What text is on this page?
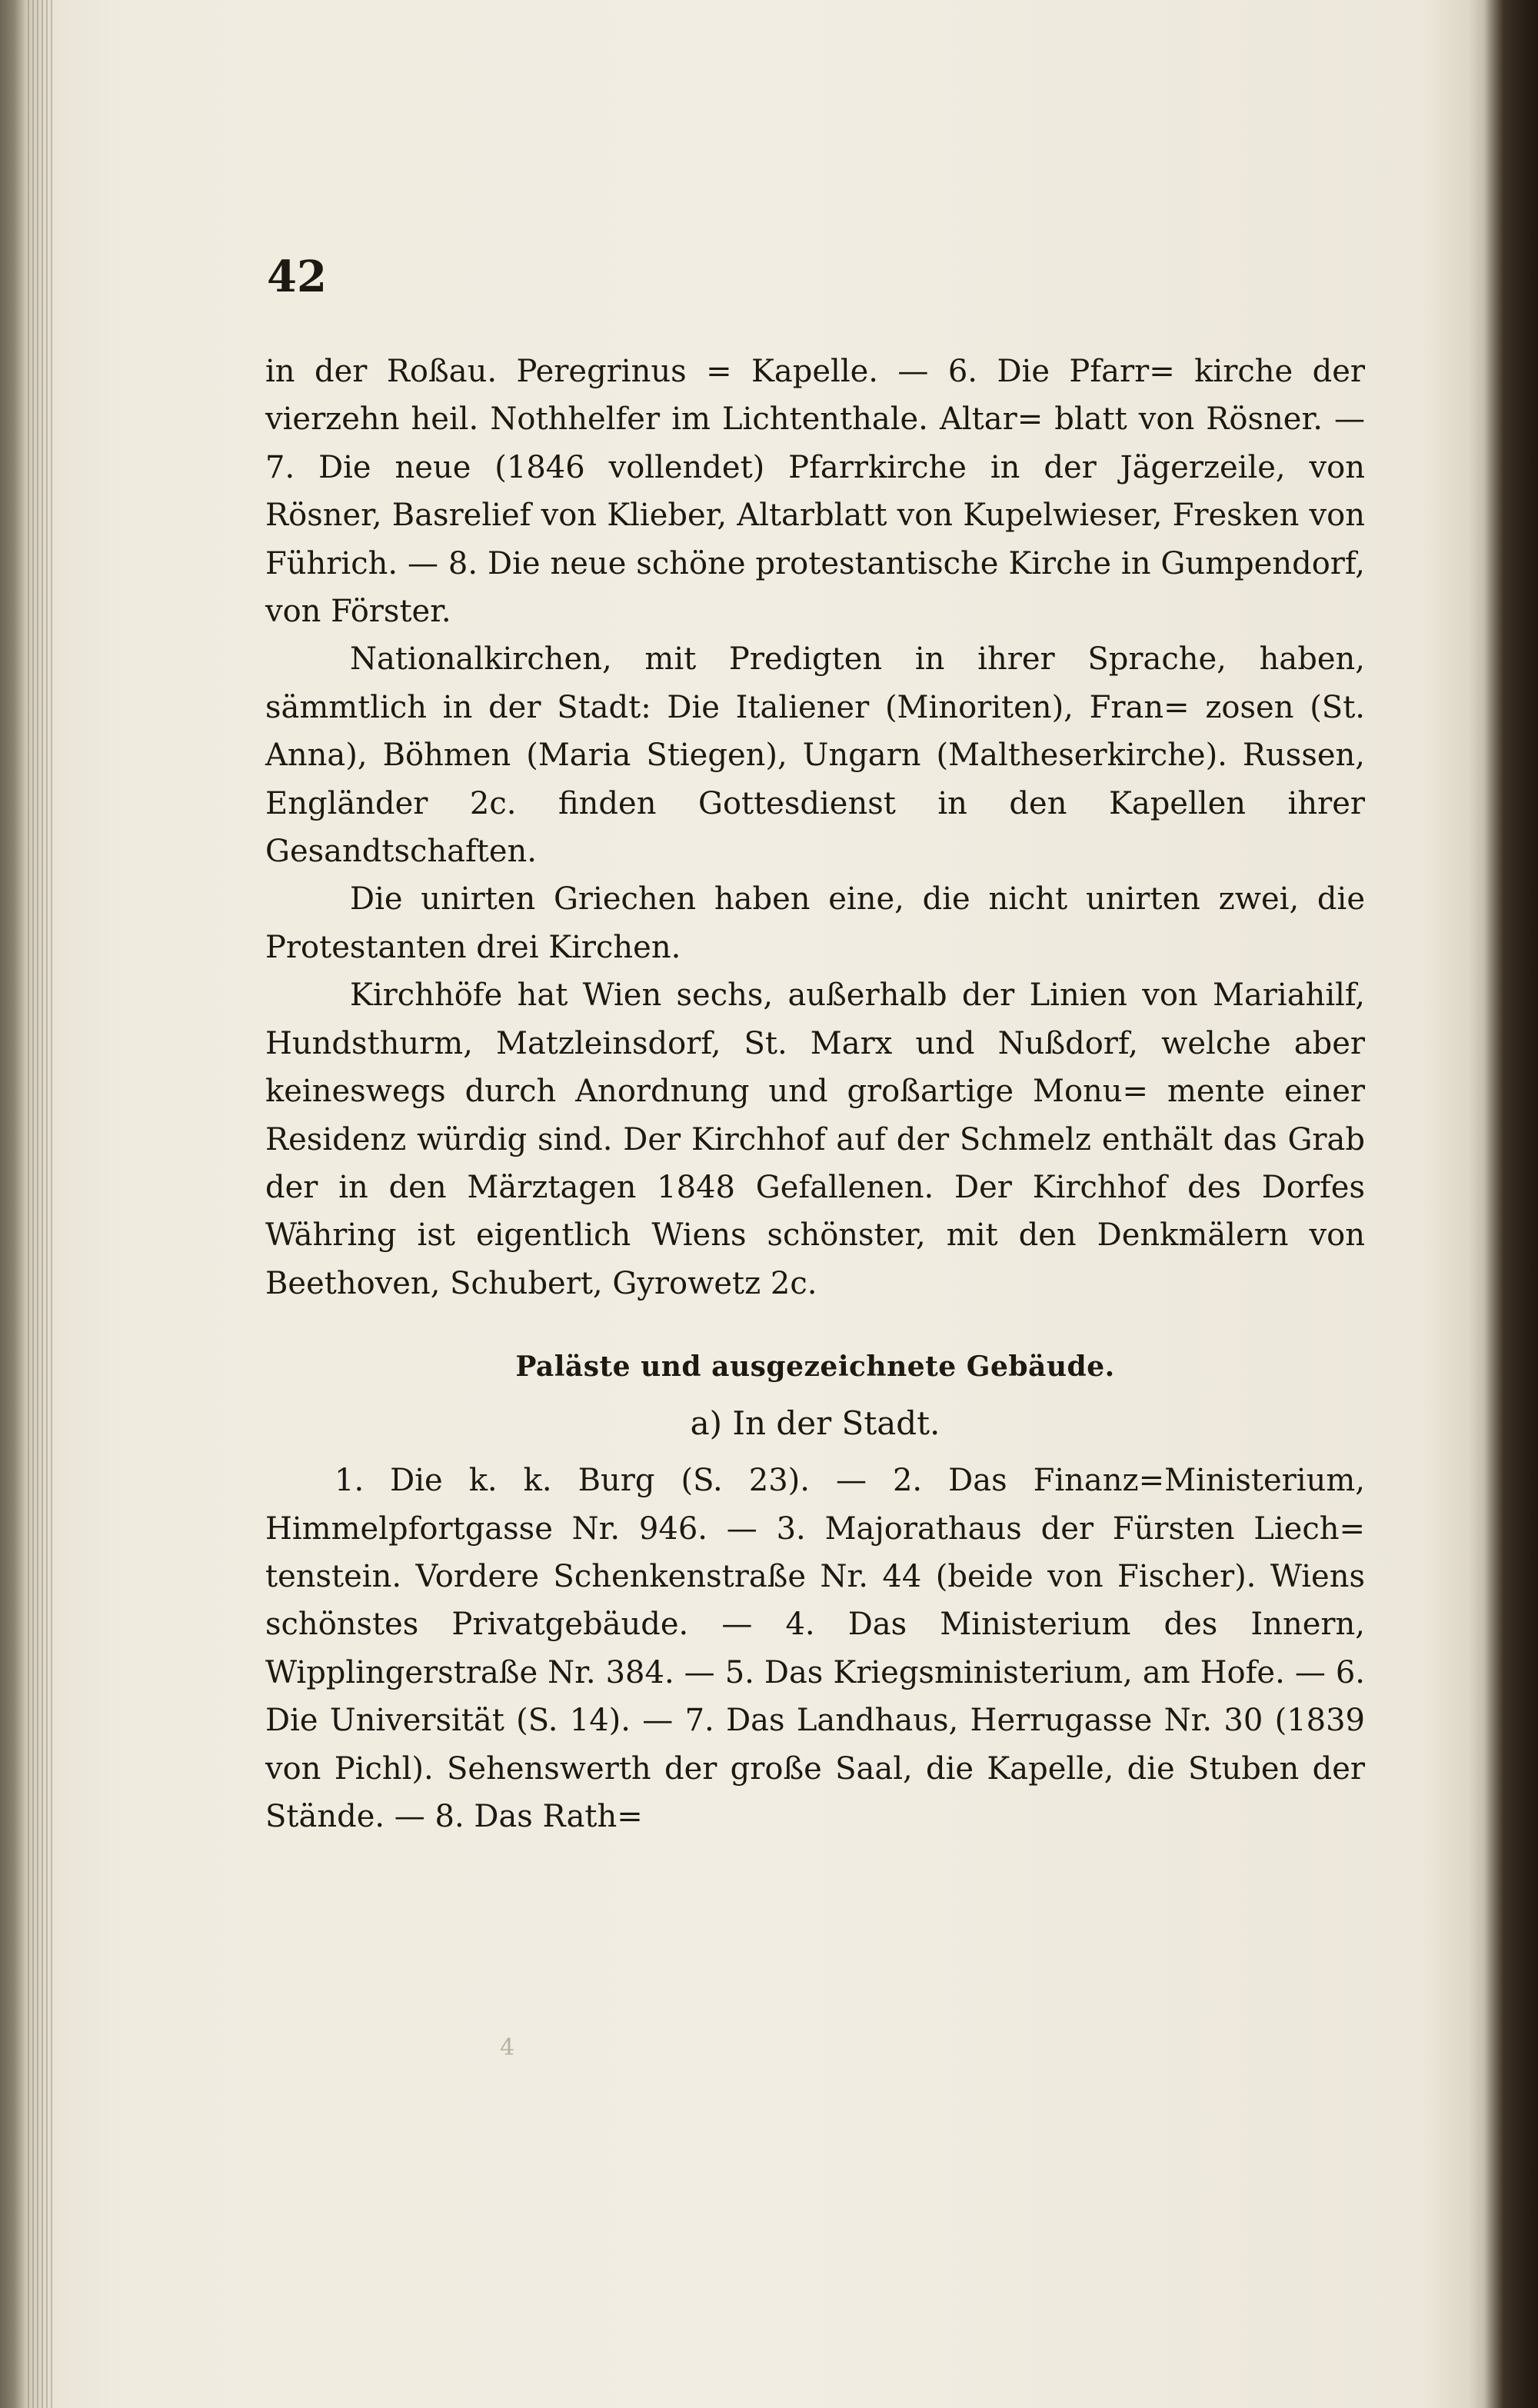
42

in der Roßau. Peregrinus = Kapelle. — 6. Die Pfarr= kirche der vierzehn heil. Nothhelfer im Lichtenthale. Altar= blatt von Rösner. — 7. Die neue (1846 vollendet) Pfarrkirche in der Jägerzeile, von Rösner, Basrelief von Klieber, Altarblatt von Kupelwieser, Fresken von Führich. — 8. Die neue schöne protestantische Kirche in Gumpendorf, von Förster.

Nationalkirchen, mit Predigten in ihrer Sprache, haben, sämmtlich in der Stadt: Die Italiener (Minoriten), Fran= zosen (St. Anna), Böhmen (Maria Stiegen), Ungarn (Maltheserkirche). Russen, Engländer 2c. finden Gottesdienst in den Kapellen ihrer Gesandtschaften.

Die unirten Griechen haben eine, die nicht unirten zwei, die Protestanten drei Kirchen.

Kirchhöfe hat Wien sechs, außerhalb der Linien von Mariahilf, Hundsthurm, Matzleinsdorf, St. Marx und Nußdorf, welche aber keineswegs durch Anordnung und großartige Monu= mente einer Residenz würdig sind. Der Kirchhof auf der Schmelz enthält das Grab der in den Märztagen 1848 Gefallenen. Der Kirchhof des Dorfes Währing ist eigentlich Wiens schönster, mit den Denkmälern von Beethoven, Schubert, Gyrowetz 2c.

Paläste und ausgezeichnete Gebäude.
a) In der Stadt.

1. Die k. k. Burg (S. 23). — 2. Das Finanz=Ministerium, Himmelpfortgasse Nr. 946. — 3. Majorathaus der Fürsten Liech= tenstein. Vordere Schenkenstraße Nr. 44 (beide von Fischer). Wiens schönstes Privatgebäude. — 4. Das Ministerium des Innern, Wipplingerstraße Nr. 384. — 5. Das Kriegsministerium, am Hofe. — 6. Die Universität (S. 14). — 7. Das Landhaus, Herrugasse Nr. 30 (1839 von Pichl). Sehenswerth der große Saal, die Kapelle, die Stuben der Stände. — 8. Das Rath=

4
